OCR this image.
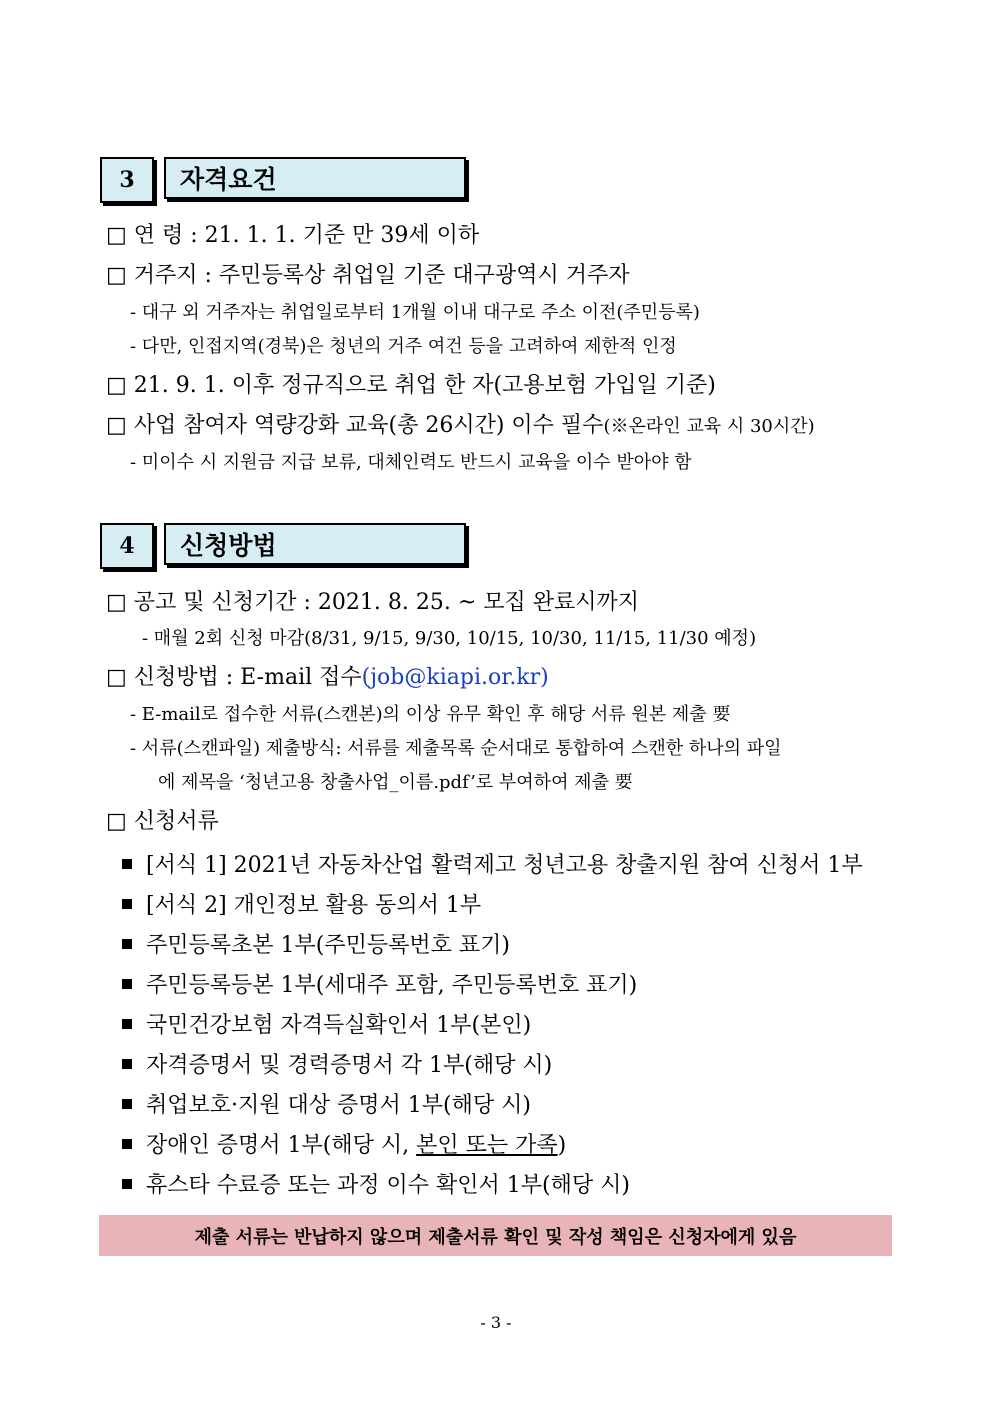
3	자격요건
□ 연 령 : 21. 1. 1. 기준 만 39세 이하
□ 거주지 : 주민등록상 취업일 기준 대구광역시 거주자
- 대구 외 거주자는 취업일로부터 1개월 이내 대구로 주소 이전(주민등록)
- 다만, 인접지역(경북)은 청년의 거주 여건 등을 고려하여 제한적 인정
□ 21. 9. 1. 이후 정규직으로 취업 한 자(고용보험 가입일 기준)
□ 사업 참여자 역량강화 교육(총 26시간) 이수 필수(※온라인 교육 시 30시간)
- 미이수 시 지원금 지급 보류, 대체인력도 반드시 교육을 이수 받아야 함
4	신청방법
□ 공고 및 신청기간 : 2021. 8. 25. ~ 모집 완료시까지
- 매월 2회 신청 마감(8/31, 9/15, 9/30, 10/15, 10/30, 11/15, 11/30 예정)
□ 신청방법 : E-mail 접수(job@kiapi.or.kr)
- E-mail로 접수한 서류(스캔본)의 이상 유무 확인 후 해당 서류 원본 제출 要
- 서류(스캔파일) 제출방식: 서류를 제출목록 순서대로 통합하여 스캔한 하나의 파일
에 제목을 ‘청년고용 창출사업_이름.pdf’로 부여하여 제출 要
□ 신청서류
[서식 1] 2021년 자동차산업 활력제고 청년고용 창출지원 참여 신청서 1부
[서식 2] 개인정보 활용 동의서 1부
주민등록초본 1부(주민등록번호 표기)
주민등록등본 1부(세대주 포함, 주민등록번호 표기)
국민건강보험 자격득실확인서 1부(본인)
자격증명서 및 경력증명서 각 1부(해당 시)
취업보호·지원 대상 증명서 1부(해당 시)
장애인 증명서 1부(해당 시, 본인 또는 가족)
휴스타 수료증 또는 과정 이수 확인서 1부(해당 시)
제출 서류는 반납하지 않으며 제출서류 확인 및 작성 책임은 신청자에게 있음
- 3 -
